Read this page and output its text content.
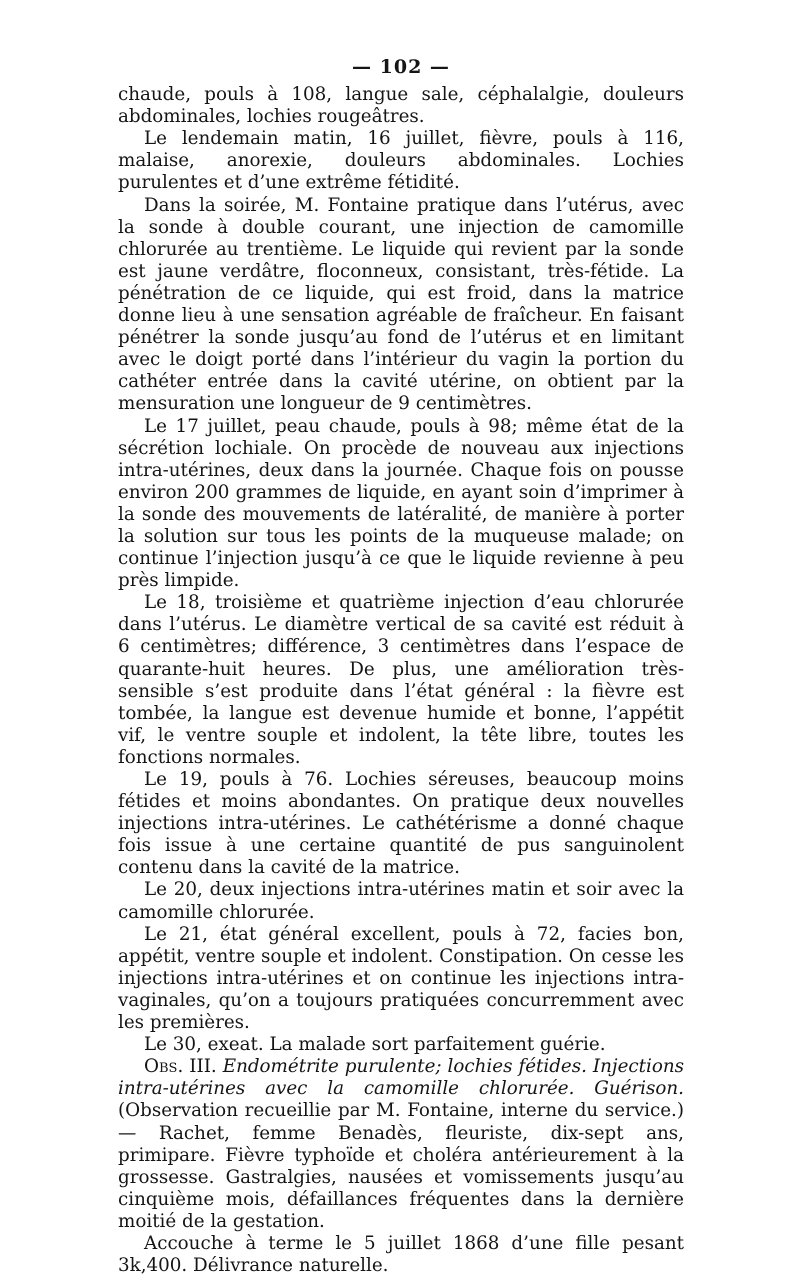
— 102 —

chaude, pouls à 108, langue sale, céphalalgie, douleurs abdominales, lochies rougeâtres.

Le lendemain matin, 16 juillet, fièvre, pouls à 116, malaise, anorexie, douleurs abdominales. Lochies purulentes et d’une extrême fétidité.

Dans la soirée, M. Fontaine pratique dans l’utérus, avec la sonde à double courant, une injection de camomille chlorurée au trentième. Le liquide qui revient par la sonde est jaune verdâtre, floconneux, consistant, très-fétide. La pénétration de ce liquide, qui est froid, dans la matrice donne lieu à une sensation agréable de fraîcheur. En faisant pénétrer la sonde jusqu’au fond de l’utérus et en limitant avec le doigt porté dans l’intérieur du vagin la portion du cathéter entrée dans la cavité utérine, on obtient par la mensuration une longueur de 9 centimètres.

Le 17 juillet, peau chaude, pouls à 98; même état de la sécrétion lochiale. On procède de nouveau aux injections intra-utérines, deux dans la journée. Chaque fois on pousse environ 200 grammes de liquide, en ayant soin d’imprimer à la sonde des mouvements de latéralité, de manière à porter la solution sur tous les points de la muqueuse malade; on continue l’injection jusqu’à ce que le liquide revienne à peu près limpide.

Le 18, troisième et quatrième injection d’eau chlorurée dans l’utérus. Le diamètre vertical de sa cavité est réduit à 6 centimètres; différence, 3 centimètres dans l’espace de quarante-huit heures. De plus, une amélioration très-sensible s’est produite dans l’état général : la fièvre est tombée, la langue est devenue humide et bonne, l’appétit vif, le ventre souple et indolent, la tête libre, toutes les fonctions normales.

Le 19, pouls à 76. Lochies séreuses, beaucoup moins fétides et moins abondantes. On pratique deux nouvelles injections intra-utérines. Le cathétérisme a donné chaque fois issue à une certaine quantité de pus sanguinolent contenu dans la cavité de la matrice.

Le 20, deux injections intra-utérines matin et soir avec la camomille chlorurée.

Le 21, état général excellent, pouls à 72, facies bon, appétit, ventre souple et indolent. Constipation. On cesse les injections intra-utérines et on continue les injections intra-vaginales, qu’on a toujours pratiquées concurremment avec les premières.

Le 30, exeat. La malade sort parfaitement guérie.

Obs. III. Endométrite purulente; lochies fétides. Injections intra-utérines avec la camomille chlorurée. Guérison. (Observation recueillie par M. Fontaine, interne du service.) — Rachet, femme Benadès, fleuriste, dix-sept ans, primipare. Fièvre typhoïde et choléra antérieurement à la grossesse. Gastralgies, nausées et vomissements jusqu’au cinquième mois, défaillances fréquentes dans la dernière moitié de la gestation.

Accouche à terme le 5 juillet 1868 d’une fille pesant 3k,400. Délivrance naturelle.
